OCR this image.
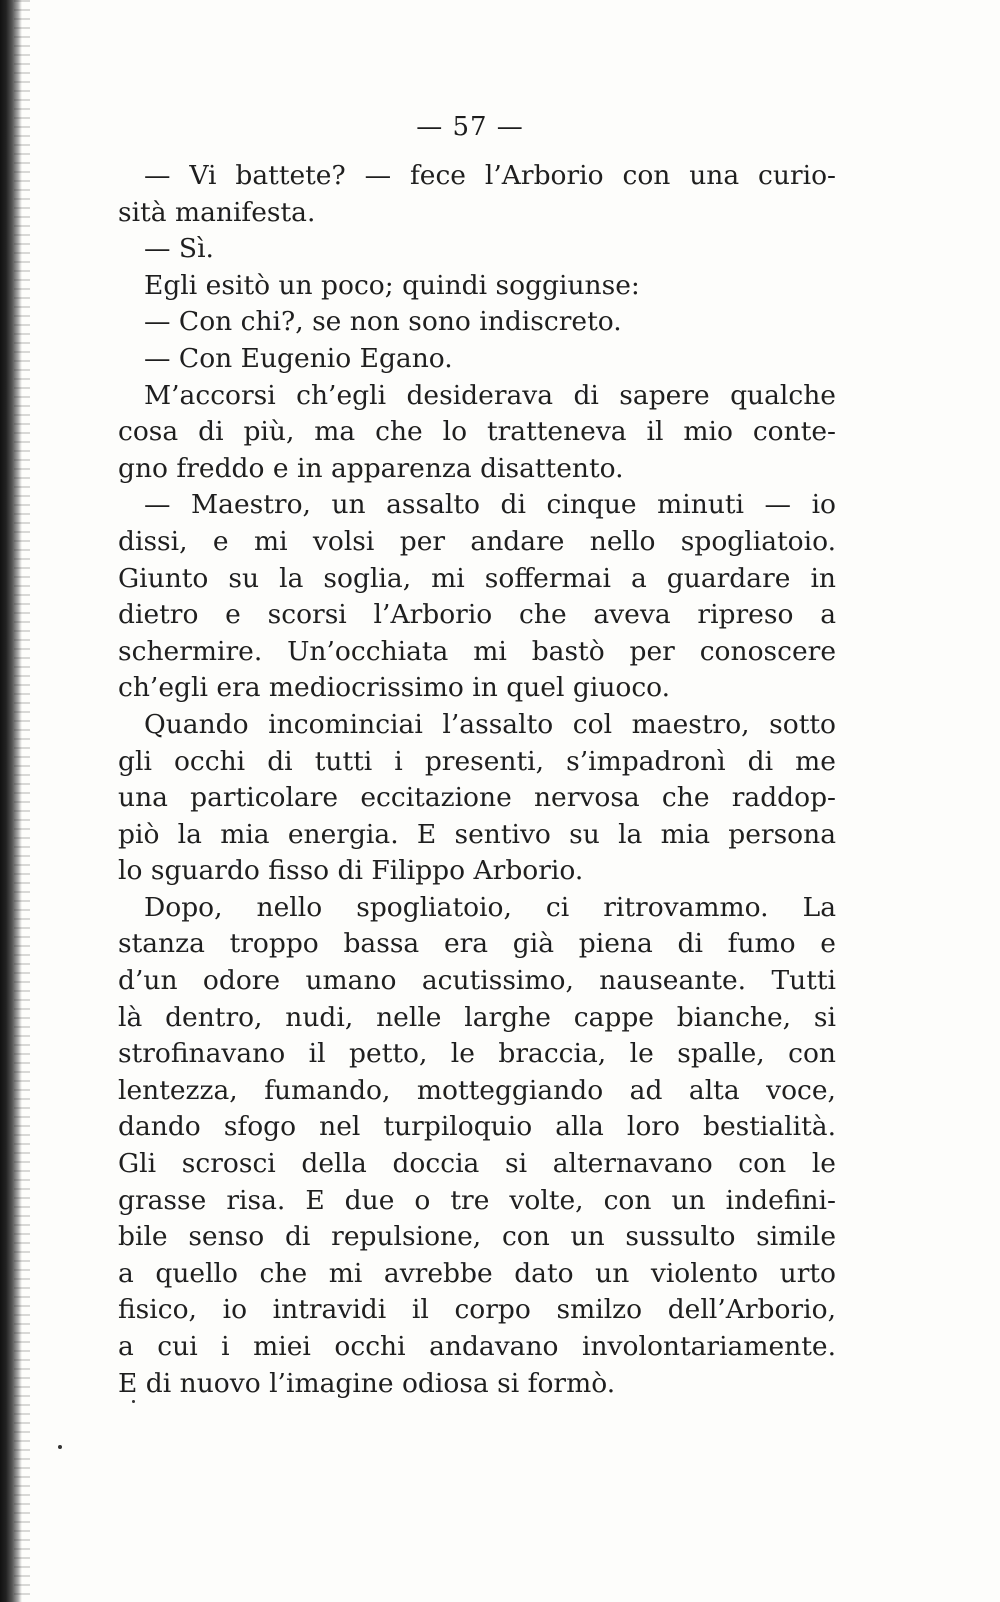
— 57 —
— Vi battete? — fece l’Arborio con una curio-
sità manifesta.
— Sì.
Egli esitò un poco; quindi soggiunse:
— Con chi?, se non sono indiscreto.
— Con Eugenio Egano.
M’accorsi ch’egli desiderava di sapere qualche
cosa di più, ma che lo tratteneva il mio conte-
gno freddo e in apparenza disattento.
— Maestro, un assalto di cinque minuti — io
dissi, e mi volsi per andare nello spogliatoio.
Giunto su la soglia, mi soffermai a guardare in
dietro e scorsi l’Arborio che aveva ripreso a
schermire. Un’occhiata mi bastò per conoscere
ch’egli era mediocrissimo in quel giuoco.
Quando incominciai l’assalto col maestro, sotto
gli occhi di tutti i presenti, s’impadronì di me
una particolare eccitazione nervosa che raddop-
piò la mia energia. E sentivo su la mia persona
lo sguardo fisso di Filippo Arborio.
Dopo, nello spogliatoio, ci ritrovammo. La
stanza troppo bassa era già piena di fumo e
d’un odore umano acutissimo, nauseante. Tutti
là dentro, nudi, nelle larghe cappe bianche, si
strofinavano il petto, le braccia, le spalle, con
lentezza, fumando, motteggiando ad alta voce,
dando sfogo nel turpiloquio alla loro bestialità.
Gli scrosci della doccia si alternavano con le
grasse risa. E due o tre volte, con un indefini-
bile senso di repulsione, con un sussulto simile
a quello che mi avrebbe dato un violento urto
fisico, io intravidi il corpo smilzo dell’Arborio,
a cui i miei occhi andavano involontariamente.
E di nuovo l’imagine odiosa si formò.
